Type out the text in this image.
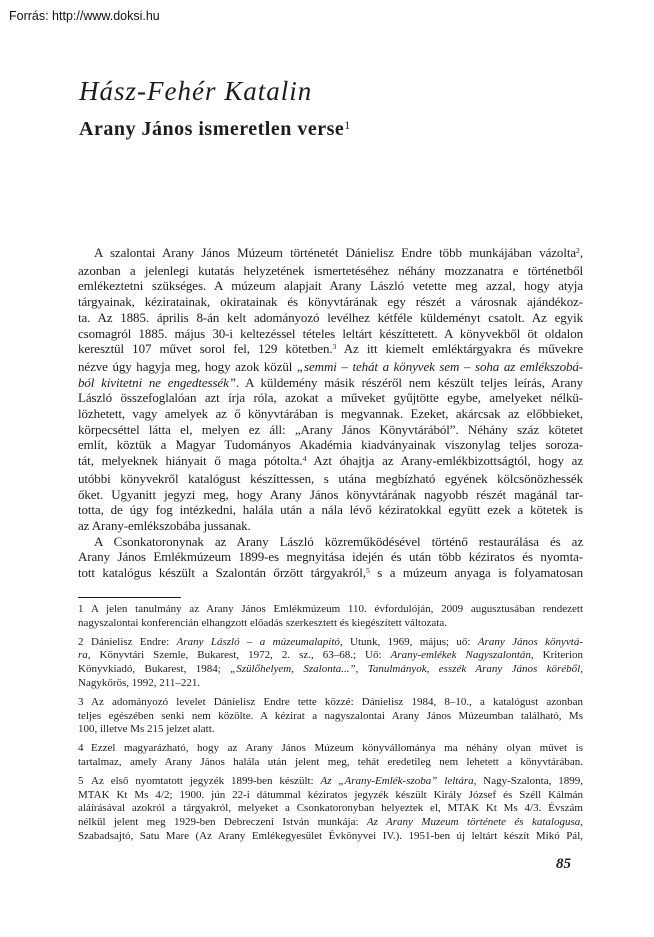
Forrás: http://www.doksi.hu
Hász-Fehér Katalin
Arany János ismeretlen verse$^1$
A szalontai Arany János Múzeum történetét Dánielisz Endre több munkájában vázolta$^2$,
azonban a jelenlegi kutatás helyzetének ismertetéséhez néhány mozzanatra e történetből
emlékeztetni szükséges. A múzeum alapjait Arany László vetette meg azzal, hogy atyja
tárgyainak, kéziratainak, okiratainak és könyvtárának egy részét a városnak ajándékoz-
ta. Az 1885. április 8-án kelt adományozó levélhez kétféle küldeményt csatolt. Az egyik
csomagról 1885. május 30-i keltezéssel tételes leltárt készíttetett. A könyvekből öt oldalon
keresztül 107 művet sorol fel, 129 kötetben.$^3$ Az itt kiemelt emléktárgyakra és művekre
nézve úgy hagyja meg, hogy azok közül „semmi – tehát a könyvek sem – soha az emlékszobá-
ból kivitetni ne engedtessék”. A küldemény másik részéről nem készült teljes leírás, Arany
László összefoglalóan azt írja róla, azokat a műveket gyűjtötte egybe, amelyeket nélkü-
lözhetett, vagy amelyek az ő könyvtárában is megvannak. Ezeket, akárcsak az előbbieket,
körpecséttel látta el, melyen ez áll: „Arany János Könyvtárából”. Néhány száz kötetet
említ, köztük a Magyar Tudományos Akadémia kiadványainak viszonylag teljes soroza-
tát, melyeknek hiányait ő maga pótolta.$^4$ Azt óhajtja az Arany-emlékbizottságtól, hogy az
utóbbi könyvekről katalógust készíttessen, s utána megbízható egyének kölcsönözhessék
őket. Ugyanitt jegyzi meg, hogy Arany János könyvtárának nagyobb részét magánál tar-
totta, de úgy fog intézkedni, halála után a nála lévő kéziratokkal együtt ezek a kötetek is
az Arany-emlékszobába jussanak.
A Csonkatoronynak az Arany László közreműködésével történő restaurálása és az
Arany János Emlékmúzeum 1899-es megnyitása idején és után több kéziratos és nyomta-
tott katalógus készült a Szalontán őrzött tárgyakról,$^5$ s a múzeum anyaga is folyamatosan
1 A jelen tanulmány az Arany János Emlékmúzeum 110. évfordulóján, 2009 augusztusában rendezett
nagyszalontai konferencián elhangzott előadás szerkesztett és kiegészített változata.
2 Dánielisz Endre: Arany László – a múzeumalapító, Utunk, 1969, május; uő: Arany János könyvtá-
ra, Könyvtári Szemle, Bukarest, 1972, 2. sz., 63–68.; Uő: Arany-emlékek Nagyszalontán, Kriterion
Könyvkiadó, Bukarest, 1984; „Szülőhelyem, Szalonta...”, Tanulmányok, esszék Arany János köréből,
Nagykőrös, 1992, 211–221.
3 Az adományozó levelet Dánielisz Endre tette közzé: Dánielisz 1984, 8–10., a katalógust azonban
teljes egészében senki nem közölte. A kézirat a nagyszalontai Arany János Múzeumban található, Ms
100, illetve Ms 215 jelzet alatt.
4 Ezzel magyarázható, hogy az Arany János Múzeum könyvállománya ma néhány olyan művet is
tartalmaz, amely Arany János halála után jelent meg, tehát eredetileg nem lehetett a könyvtárában.
5 Az első nyomtatott jegyzék 1899-ben készült: Az „Arany-Emlék-szoba” leltára, Nagy-Szalonta, 1899,
MTAK Kt Ms 4/2; 1900. jún 22-i dátummal kéziratos jegyzék készült Király József és Széll Kálmán
aláírásával azokról a tárgyakról, melyeket a Csonkatoronyban helyeztek el, MTAK Kt Ms 4/3. Évszám
nélkül jelent meg 1929-ben Debreczeni István munkája: Az Arany Muzeum története és katalogusa,
Szabadsajtó, Satu Mare (Az Arany Emlékegyesület Évkönyvei IV.). 1951-ben új leltárt készít Mikó Pál,
85
